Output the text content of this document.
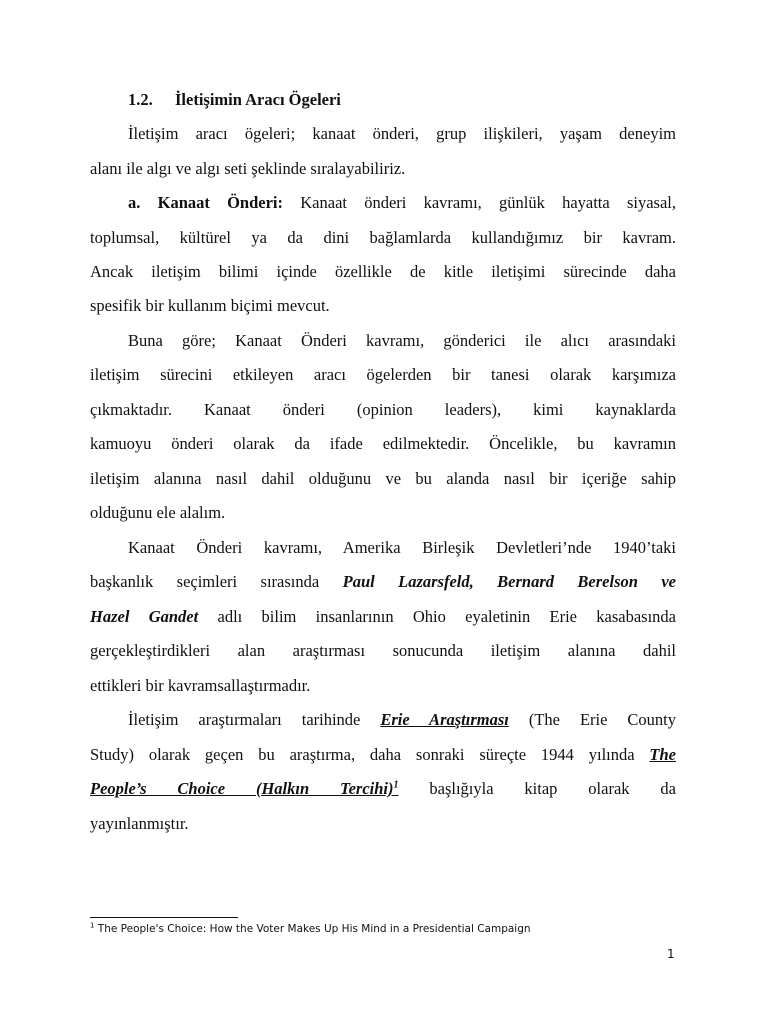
1.2. İletişimin Aracı Ögeleri
İletişim aracı ögeleri; kanaat önderi, grup ilişkileri, yaşam deneyim
alanı ile algı ve algı seti şeklinde sıralayabiliriz.
a. Kanaat Önderi: Kanaat önderi kavramı, günlük hayatta siyasal,
toplumsal, kültürel ya da dini bağlamlarda kullandığımız bir kavram.
Ancak iletişim bilimi içinde özellikle de kitle iletişimi sürecinde daha
spesifik bir kullanım biçimi mevcut.
Buna göre; Kanaat Önderi kavramı, gönderici ile alıcı arasındaki
iletişim sürecini etkileyen aracı ögelerden bir tanesi olarak karşımıza
çıkmaktadır. Kanaat önderi (opinion leaders), kimi kaynaklarda
kamuoyu önderi olarak da ifade edilmektedir. Öncelikle, bu kavramın
iletişim alanına nasıl dahil olduğunu ve bu alanda nasıl bir içeriğe sahip
olduğunu ele alalım.
Kanaat Önderi kavramı, Amerika Birleşik Devletleri’nde 1940’taki
başkanlık seçimleri sırasında Paul Lazarsfeld, Bernard Berelson ve
Hazel Gandet adlı bilim insanlarının Ohio eyaletinin Erie kasabasında
gerçekleştirdikleri alan araştırması sonucunda iletişim alanına dahil
ettikleri bir kavramsallaştırmadır.
İletişim araştırmaları tarihinde Erie Araştırması (The Erie County
Study) olarak geçen bu araştırma, daha sonraki süreçte 1944 yılında The
People’s Choice (Halkın Tercihi)$^1$ başlığıyla kitap olarak da
yayınlanmıştır.
$^1$ The People's Choice: How the Voter Makes Up His Mind in a Presidential Campaign
1
